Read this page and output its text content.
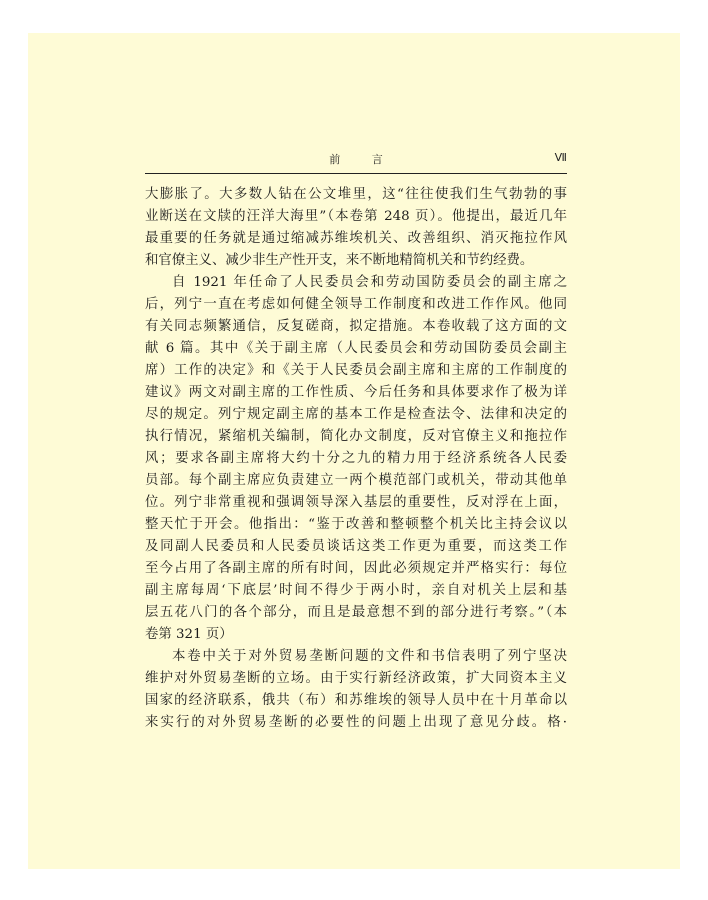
前 言	Ⅶ
大膨胀了。大多数人钻在公文堆里，这“往往使我们生气勃勃的事
业断送在文牍的汪洋大海里”（本卷第 248 页）。他提出，最近几年
最重要的任务就是通过缩减苏维埃机关、改善组织、消灭拖拉作风
和官僚主义、减少非生产性开支，来不断地精简机关和节约经费。
自 1921 年任命了人民委员会和劳动国防委员会的副主席之
后，列宁一直在考虑如何健全领导工作制度和改进工作作风。他同
有关同志频繁通信，反复磋商，拟定措施。本卷收载了这方面的文
献 6 篇。其中《关于副主席（人民委员会和劳动国防委员会副主
席）工作的决定》和《关于人民委员会副主席和主席的工作制度的
建议》两文对副主席的工作性质、今后任务和具体要求作了极为详
尽的规定。列宁规定副主席的基本工作是检查法令、法律和决定的
执行情况，紧缩机关编制，简化办文制度，反对官僚主义和拖拉作
风；要求各副主席将大约十分之九的精力用于经济系统各人民委
员部。每个副主席应负责建立一两个模范部门或机关，带动其他单
位。列宁非常重视和强调领导深入基层的重要性，反对浮在上面，
整天忙于开会。他指出：“鉴于改善和整顿整个机关比主持会议以
及同副人民委员和人民委员谈话这类工作更为重要，而这类工作
至今占用了各副主席的所有时间，因此必须规定并严格实行：每位
副主席每周‘下底层’时间不得少于两小时，亲自对机关上层和基
层五花八门的各个部分，而且是最意想不到的部分进行考察。”（本
卷第 321 页）
本卷中关于对外贸易垄断问题的文件和书信表明了列宁坚决
维护对外贸易垄断的立场。由于实行新经济政策，扩大同资本主义
国家的经济联系，俄共（布）和苏维埃的领导人员中在十月革命以
来实行的对外贸易垄断的必要性的问题上出现了意见分歧。格·
